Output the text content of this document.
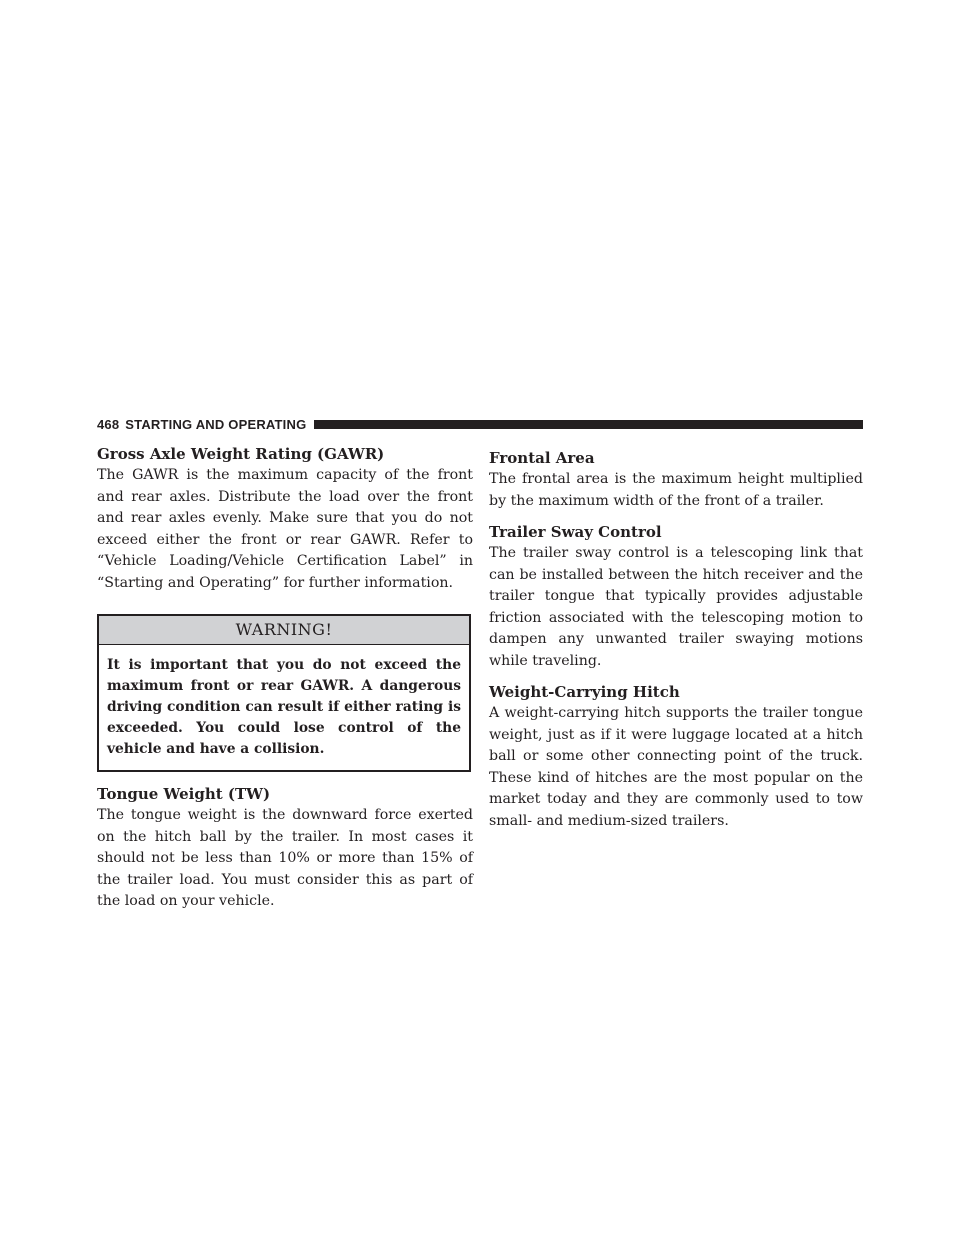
468 STARTING AND OPERATING
Gross Axle Weight Rating (GAWR)

The GAWR is the maximum capacity of the front and rear axles. Distribute the load over the front and rear axles evenly. Make sure that you do not exceed either the front or rear GAWR. Refer to “Vehicle Loading/Vehicle Certification Label” in “Starting and Operating” for further information.

WARNING!
It is important that you do not exceed the maximum front or rear GAWR. A dangerous driving condition can result if either rating is exceeded. You could lose control of the vehicle and have a collision.
Tongue Weight (TW)

The tongue weight is the downward force exerted on the hitch ball by the trailer. In most cases it should not be less than 10% or more than 15% of the trailer load. You must consider this as part of the load on your vehicle.

Frontal Area

The frontal area is the maximum height multiplied by the maximum width of the front of a trailer.

Trailer Sway Control

The trailer sway control is a telescoping link that can be installed between the hitch receiver and the trailer tongue that typically provides adjustable friction associated with the telescoping motion to dampen any unwanted trailer swaying motions while traveling.

Weight-Carrying Hitch

A weight-carrying hitch supports the trailer tongue weight, just as if it were luggage located at a hitch ball or some other connecting point of the truck. These kind of hitches are the most popular on the market today and they are commonly used to tow small- and medium-sized trailers.
